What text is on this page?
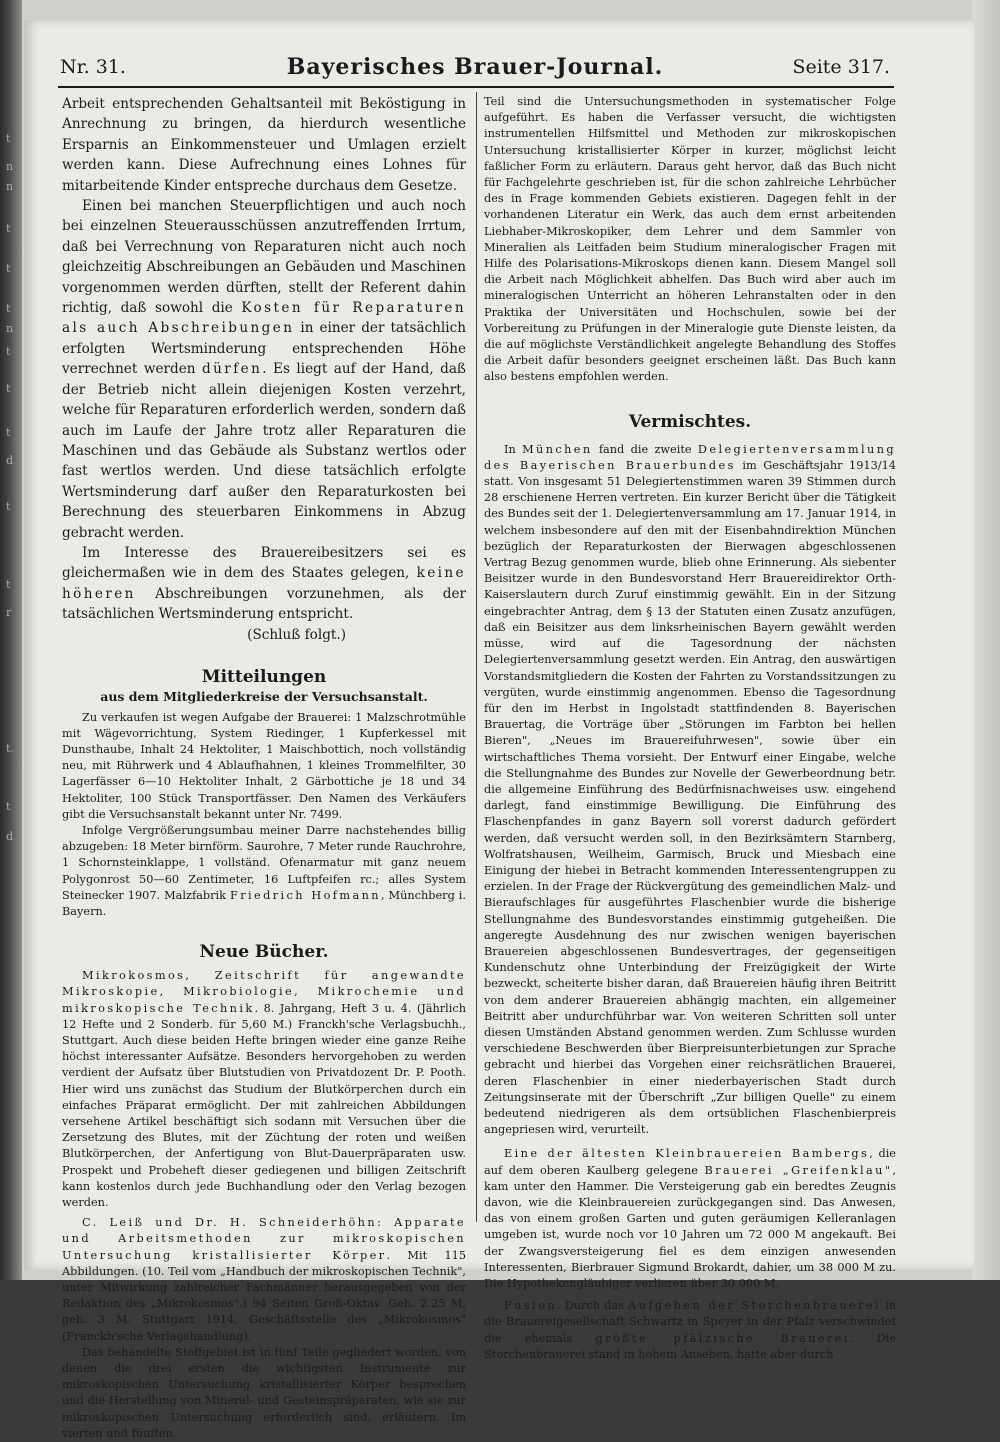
t
n
n
t
t
t
n
t
t
t
t
d
t
r
t.
t
d
Nr. 31.	Bayerisches Brauer-Journal.	Seite 317.

Arbeit entsprechenden Gehaltsanteil mit Beköstigung in Anrechnung zu bringen, da hierdurch wesentliche Ersparnis an Einkommensteuer und Umlagen erzielt werden kann. Diese Aufrechnung eines Lohnes für mitarbeitende Kinder entspreche durchaus dem Gesetze.

Einen bei manchen Steuerpflichtigen und auch noch bei einzelnen Steuerausschüssen anzutreffenden Irrtum, daß bei Verrechnung von Reparaturen nicht auch noch gleichzeitig Abschreibungen an Gebäuden und Maschinen vorgenommen werden dürften, stellt der Referent dahin richtig, daß sowohl die Kosten für Reparaturen als auch Abschreibungen in einer der tatsächlich erfolgten Wertsminderung entsprechenden Höhe verrechnet werden dürfen. Es liegt auf der Hand, daß der Betrieb nicht allein diejenigen Kosten verzehrt, welche für Reparaturen erforderlich werden, sondern daß auch im Laufe der Jahre trotz aller Reparaturen die Maschinen und das Gebäude als Substanz wertlos oder fast wertlos werden. Und diese tatsächlich erfolgte Wertsminderung darf außer den Reparaturkosten bei Berechnung des steuerbaren Einkommens in Abzug gebracht werden.

Im Interesse des Brauereibesitzers sei es gleichermaßen wie in dem des Staates gelegen, keine höheren Abschreibungen vorzunehmen, als der tatsächlichen Wertsminderung entspricht.

(Schluß folgt.)

Mitteilungen
aus dem Mitgliederkreise der Versuchsanstalt.

Zu verkaufen ist wegen Aufgabe der Brauerei: 1 Malzschrotmühle mit Wägevorrichtung, System Riedinger, 1 Kupferkessel mit Dunsthaube, Inhalt 24 Hektoliter, 1 Maischbottich, noch vollständig neu, mit Rührwerk und 4 Ablaufhahnen, 1 kleines Trommelfilter, 30 Lagerfässer 6—10 Hektoliter Inhalt, 2 Gärbottiche je 18 und 34 Hektoliter, 100 Stück Transportfässer. Den Namen des Verkäufers gibt die Versuchsanstalt bekannt unter Nr. 7499.

Infolge Vergrößerungsumbau meiner Darre nachstehendes billig abzugeben: 18 Meter birnförm. Saurohre, 7 Meter runde Rauchrohre, 1 Schornsteinklappe, 1 vollständ. Ofenarmatur mit ganz neuem Polygonrost 50—60 Zentimeter, 16 Luftpfeifen rc.; alles System Steinecker 1907. Malzfabrik Friedrich Hofmann, Münchberg i. Bayern.

Neue Bücher.

Mikrokosmos, Zeitschrift für angewandte Mikroskopie, Mikrobiologie, Mikrochemie und mikroskopische Technik. 8. Jahrgang, Heft 3 u. 4. (Jährlich 12 Hefte und 2 Sonderb. für 5,60 M.) Franckh'sche Verlagsbuchh., Stuttgart. Auch diese beiden Hefte bringen wieder eine ganze Reihe höchst interessanter Aufsätze. Besonders hervorgehoben zu werden verdient der Aufsatz über Blutstudien von Privatdozent Dr. P. Pooth. Hier wird uns zunächst das Studium der Blutkörperchen durch ein einfaches Präparat ermöglicht. Der mit zahlreichen Abbildungen versehene Artikel beschäftigt sich sodann mit Versuchen über die Zersetzung des Blutes, mit der Züchtung der roten und weißen Blutkörperchen, der Anfertigung von Blut-Dauerpräparaten usw. Prospekt und Probeheft dieser gediegenen und billigen Zeitschrift kann kostenlos durch jede Buchhandlung oder den Verlag bezogen werden.

C. Leiß und Dr. H. Schneiderhöhn: Apparate und Arbeitsmethoden zur mikroskopischen Untersuchung kristallisierter Körper. Mit 115 Abbildungen. (10. Teil vom „Handbuch der mikroskopischen Technik", unter Mitwirkung zahlreicher Fachmänner herausgegeben von der Redaktion des „Mikrokosmos".) 94 Seiten Groß-Oktav. Geh. 2.25 M, geb. 3 M. Stuttgart 1914, Geschäftsstelle des „Mikrokosmos" (Franckh'sche Verlagshandlung).

Das behandelte Stoffgebiet ist in fünf Teile gegliedert worden, von denen die drei ersten die wichtigsten Instrumente zur mikroskopischen Untersuchung kristallisierter Körper besprechen und die Herstellung von Mineral- und Gesteinspräparaten, wie sie zur mikroskopischen Untersuchung erforderlich sind, erläutern. Im vierten und fünften

Teil sind die Untersuchungsmethoden in systematischer Folge aufgeführt. Es haben die Verfasser versucht, die wichtigsten instrumentellen Hilfsmittel und Methoden zur mikroskopischen Untersuchung kristallisierter Körper in kurzer, möglichst leicht faßlicher Form zu erläutern. Daraus geht hervor, daß das Buch nicht für Fachgelehrte geschrieben ist, für die schon zahlreiche Lehrbücher des in Frage kommenden Gebiets existieren. Dagegen fehlt in der vorhandenen Literatur ein Werk, das auch dem ernst arbeitenden Liebhaber-Mikroskopiker, dem Lehrer und dem Sammler von Mineralien als Leitfaden beim Studium mineralogischer Fragen mit Hilfe des Polarisations-Mikroskops dienen kann. Diesem Mangel soll die Arbeit nach Möglichkeit abhelfen. Das Buch wird aber auch im mineralogischen Unterricht an höheren Lehranstalten oder in den Praktika der Universitäten und Hochschulen, sowie bei der Vorbereitung zu Prüfungen in der Mineralogie gute Dienste leisten, da die auf möglichste Verständlichkeit angelegte Behandlung des Stoffes die Arbeit dafür besonders geeignet erscheinen läßt. Das Buch kann also bestens empfohlen werden.

Vermischtes.

In München fand die zweite Delegiertenversammlung des Bayerischen Brauerbundes im Geschäftsjahr 1913/14 statt. Von insgesamt 51 Delegiertenstimmen waren 39 Stimmen durch 28 erschienene Herren vertreten. Ein kurzer Bericht über die Tätigkeit des Bundes seit der 1. Delegiertenversammlung am 17. Januar 1914, in welchem insbesondere auf den mit der Eisenbahndirektion München bezüglich der Reparaturkosten der Bierwagen abgeschlossenen Vertrag Bezug genommen wurde, blieb ohne Erinnerung. Als siebenter Beisitzer wurde in den Bundesvorstand Herr Brauereidirektor Orth-Kaiserslautern durch Zuruf einstimmig gewählt. Ein in der Sitzung eingebrachter Antrag, dem § 13 der Statuten einen Zusatz anzufügen, daß ein Beisitzer aus dem linksrheinischen Bayern gewählt werden müsse, wird auf die Tagesordnung der nächsten Delegiertenversammlung gesetzt werden. Ein Antrag, den auswärtigen Vorstandsmitgliedern die Kosten der Fahrten zu Vorstandssitzungen zu vergüten, wurde einstimmig angenommen. Ebenso die Tagesordnung für den im Herbst in Ingolstadt stattfindenden 8. Bayerischen Brauertag, die Vorträge über „Störungen im Farbton bei hellen Bieren", „Neues im Brauereifuhrwesen", sowie über ein wirtschaftliches Thema vorsieht. Der Entwurf einer Eingabe, welche die Stellungnahme des Bundes zur Novelle der Gewerbeordnung betr. die allgemeine Einführung des Bedürfnisnachweises usw. eingehend darlegt, fand einstimmige Bewilligung. Die Einführung des Flaschenpfandes in ganz Bayern soll vorerst dadurch gefördert werden, daß versucht werden soll, in den Bezirksämtern Starnberg, Wolfratshausen, Weilheim, Garmisch, Bruck und Miesbach eine Einigung der hiebei in Betracht kommenden Interessentengruppen zu erzielen. In der Frage der Rückvergütung des gemeindlichen Malz- und Bieraufschlages für ausgeführtes Flaschenbier wurde die bisherige Stellungnahme des Bundesvorstandes einstimmig gutgeheißen. Die angeregte Ausdehnung des nur zwischen wenigen bayerischen Brauereien abgeschlossenen Bundesvertrages, der gegenseitigen Kundenschutz ohne Unterbindung der Freizügigkeit der Wirte bezweckt, scheiterte bisher daran, daß Brauereien häufig ihren Beitritt von dem anderer Brauereien abhängig machten, ein allgemeiner Beitritt aber undurchführbar war. Von weiteren Schritten soll unter diesen Umständen Abstand genommen werden. Zum Schlusse wurden verschiedene Beschwerden über Bierpreisunterbietungen zur Sprache gebracht und hierbei das Vorgehen einer reichsrätlichen Brauerei, deren Flaschenbier in einer niederbayerischen Stadt durch Zeitungsinserate mit der Überschrift „Zur billigen Quelle" zu einem bedeutend niedrigeren als dem ortsüblichen Flaschenbierpreis angepriesen wird, verurteilt.

Eine der ältesten Kleinbrauereien Bambergs, die auf dem oberen Kaulberg gelegene Brauerei „Greifenklau", kam unter den Hammer. Die Versteigerung gab ein beredtes Zeugnis davon, wie die Kleinbrauereien zurückgegangen sind. Das Anwesen, das von einem großen Garten und guten geräumigen Kelleranlagen umgeben ist, wurde noch vor 10 Jahren um 72 000 M angekauft. Bei der Zwangsversteigerung fiel es dem einzigen anwesenden Interessenten, Bierbrauer Sigmund Brokardt, dahier, um 38 000 M zu. Die Hypothekengläubiger verlieren über 30 000 M.

Fusion. Durch das Aufgehen der Storchenbrauerei in die Brauereigesellschaft Schwartz in Speyer in der Pfalz verschwindet die ehemals größte pfälzische Brauerei. Die Storchenbrauerei stand in hohem Ansehen, hatte aber durch
